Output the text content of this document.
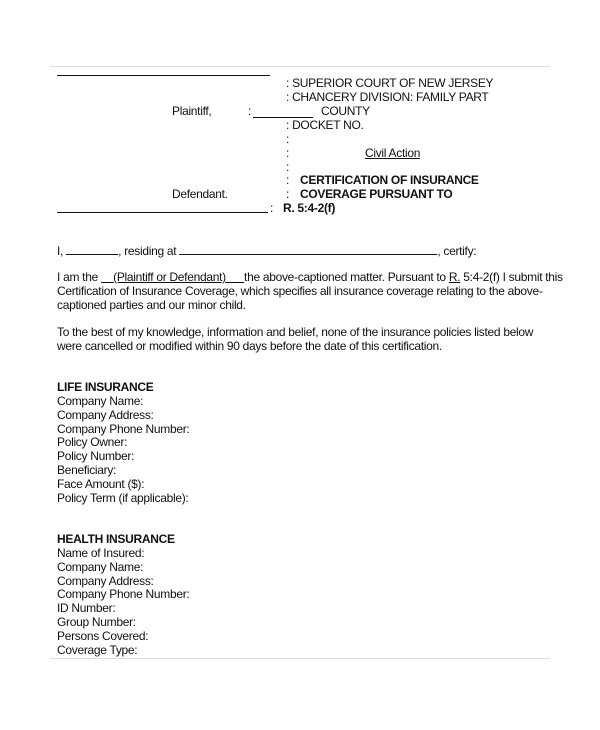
: SUPERIOR COURT OF NEW JERSEY
: CHANCERY DIVISION: FAMILY PART
Plaintiff,	:	COUNTY
: DOCKET NO.
:
:	Civil Action
:
: CERTIFICATION OF INSURANCE
Defendant.	: COVERAGE PURSUANT TO
: R. 5:4-2(f)
I,	, residing at	, certify:
I am the (Plaintiff or Defendant) the above-captioned matter. Pursuant to R. 5:4-2(f) I submit this
Certification of Insurance Coverage, which specifies all insurance coverage relating to the above-
captioned parties and our minor child.
To the best of my knowledge, information and belief, none of the insurance policies listed below
were cancelled or modified within 90 days before the date of this certification.
LIFE INSURANCE
Company Name:
Company Address:
Company Phone Number:
Policy Owner:
Policy Number:
Beneficiary:
Face Amount ($):
Policy Term (if applicable):
HEALTH INSURANCE
Name of Insured:
Company Name:
Company Address:
Company Phone Number:
ID Number:
Group Number:
Persons Covered:
Coverage Type:
